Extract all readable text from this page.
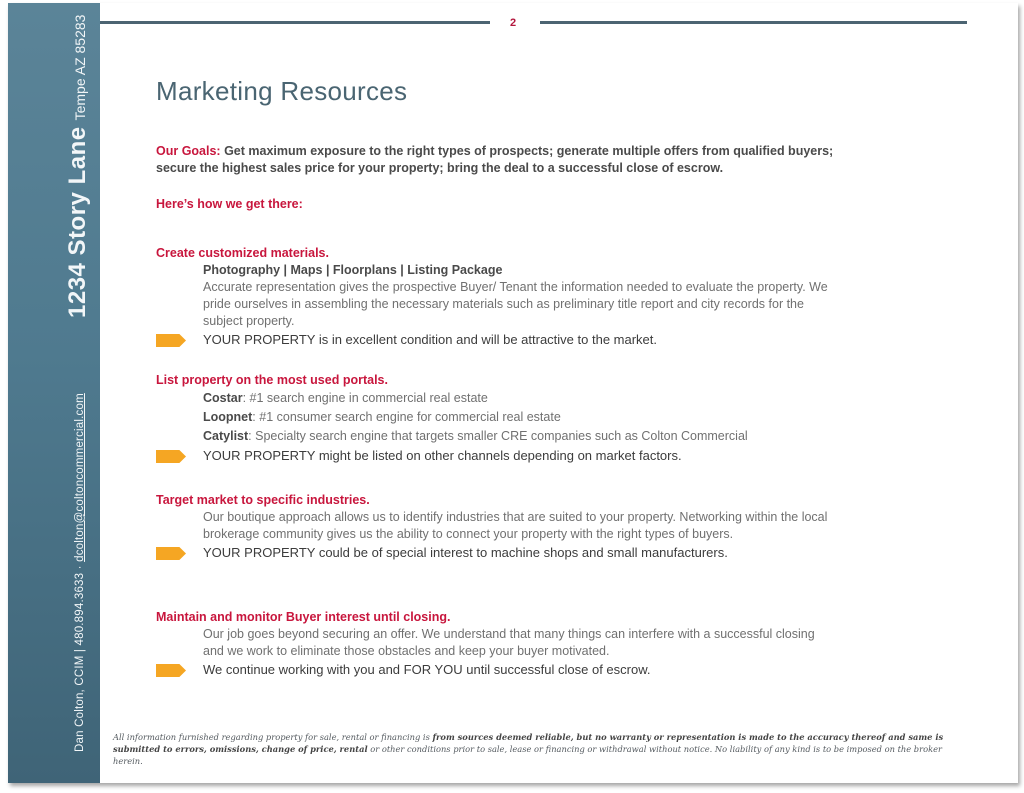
1234 Story LaneTempe AZ 85283
Dan Colton, CCIM | 480.894.3633 · dcolton@coltoncommercial.com
2
Marketing Resources
Our Goals: Get maximum exposure to the right types of prospects; generate multiple offers from qualified buyers; secure the highest sales price for your property; bring the deal to a successful close of escrow.
Here’s how we get there:
Create customized materials.
Photography | Maps | Floorplans | Listing Package
Accurate representation gives the prospective Buyer/ Tenant the information needed to evaluate the property. We pride ourselves in assembling the necessary materials such as preliminary title report and city records for the subject property.
YOUR PROPERTY is in excellent condition and will be attractive to the market.
List property on the most used portals.
Costar: #1 search engine in commercial real estate
Loopnet: #1 consumer search engine for commercial real estate
Catylist: Specialty search engine that targets smaller CRE companies such as Colton Commercial
YOUR PROPERTY might be listed on other channels depending on market factors.
Target market to specific industries.
Our boutique approach allows us to identify industries that are suited to your property. Networking within the local brokerage community gives us the ability to connect your property with the right types of buyers.
YOUR PROPERTY could be of special interest to machine shops and small manufacturers.
Maintain and monitor Buyer interest until closing.
Our job goes beyond securing an offer. We understand that many things can interfere with a successful closing and we work to eliminate those obstacles and keep your buyer motivated.
We continue working with you and FOR YOU until successful close of escrow.
All information furnished regarding property for sale, rental or financing is from sources deemed reliable, but no warranty or representation is made to the accuracy thereof and same is submitted to errors, omissions, change of price, rental or other conditions prior to sale, lease or financing or withdrawal without notice. No liability of any kind is to be imposed on the broker herein.
